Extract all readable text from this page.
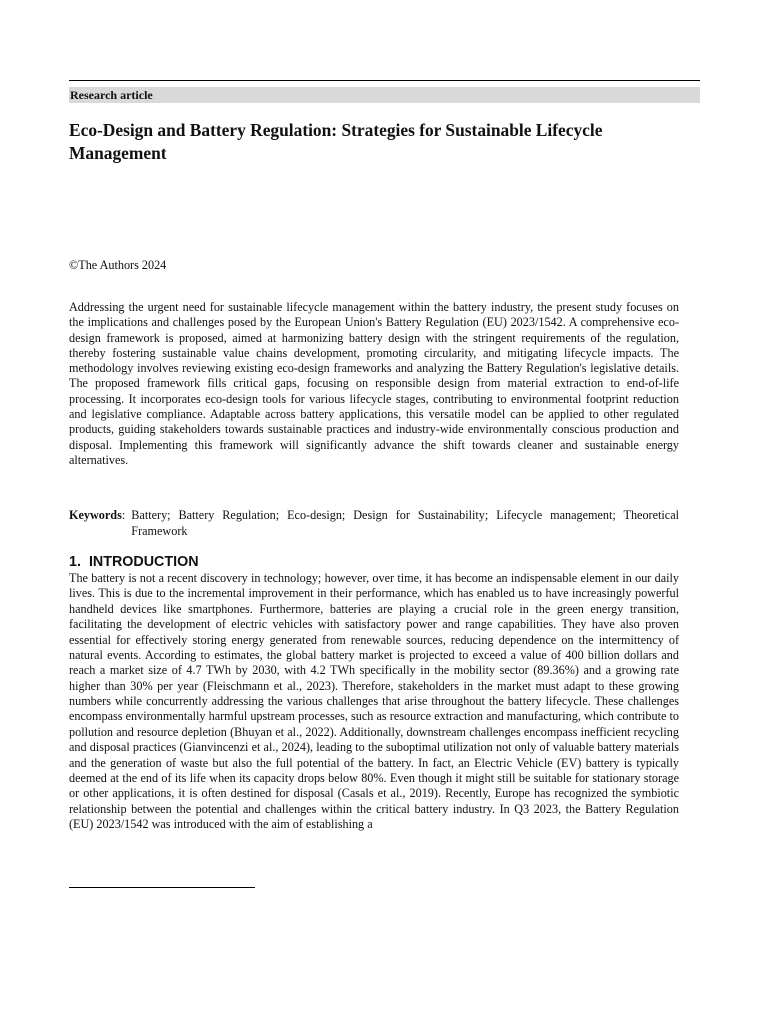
Research article
Eco-Design and Battery Regulation: Strategies for Sustainable Lifecycle Management
©The Authors 2024

Addressing the urgent need for sustainable lifecycle management within the battery industry, the present study focuses on the implications and challenges posed by the European Union's Battery Regulation (EU) 2023/1542. A comprehensive eco-design framework is proposed, aimed at harmonizing battery design with the stringent requirements of the regulation, thereby fostering sustainable value chains development, promoting circularity, and mitigating lifecycle impacts. The methodology involves reviewing existing eco-design frameworks and analyzing the Battery Regulation's legislative details. The proposed framework fills critical gaps, focusing on responsible design from material extraction to end-of-life processing. It incorporates eco-design tools for various lifecycle stages, contributing to environmental footprint reduction and legislative compliance. Adaptable across battery applications, this versatile model can be applied to other regulated products, guiding stakeholders towards sustainable practices and industry-wide environmentally conscious production and disposal. Implementing this framework will significantly advance the shift towards cleaner and sustainable energy alternatives.

Keywords : Battery; Battery Regulation; Eco-design; Design for Sustainability; Lifecycle management; Theoretical Framework
1. INTRODUCTION

The battery is not a recent discovery in technology; however, over time, it has become an indispensable element in our daily lives. This is due to the incremental improvement in their performance, which has enabled us to have increasingly powerful handheld devices like smartphones. Furthermore, batteries are playing a crucial role in the green energy transition, facilitating the development of electric vehicles with satisfactory power and range capabilities. They have also proven essential for effectively storing energy generated from renewable sources, reducing dependence on the intermittency of natural events. According to estimates, the global battery market is projected to exceed a value of 400 billion dollars and reach a market size of 4.7 TWh by 2030, with 4.2 TWh specifically in the mobility sector (89.36%) and a growing rate higher than 30% per year (Fleischmann et al., 2023). Therefore, stakeholders in the market must adapt to these growing numbers while concurrently addressing the various challenges that arise throughout the battery lifecycle. These challenges encompass environmentally harmful upstream processes, such as resource extraction and manufacturing, which contribute to pollution and resource depletion (Bhuyan et al., 2022). Additionally, downstream challenges encompass inefficient recycling and disposal practices (Gianvincenzi et al., 2024), leading to the suboptimal utilization not only of valuable battery materials and the generation of waste but also the full potential of the battery. In fact, an Electric Vehicle (EV) battery is typically deemed at the end of its life when its capacity drops below 80%. Even though it might still be suitable for stationary storage or other applications, it is often destined for disposal (Casals et al., 2019). Recently, Europe has recognized the symbiotic relationship between the potential and challenges within the critical battery industry. In Q3 2023, the Battery Regulation (EU) 2023/1542 was introduced with the aim of establishing a
